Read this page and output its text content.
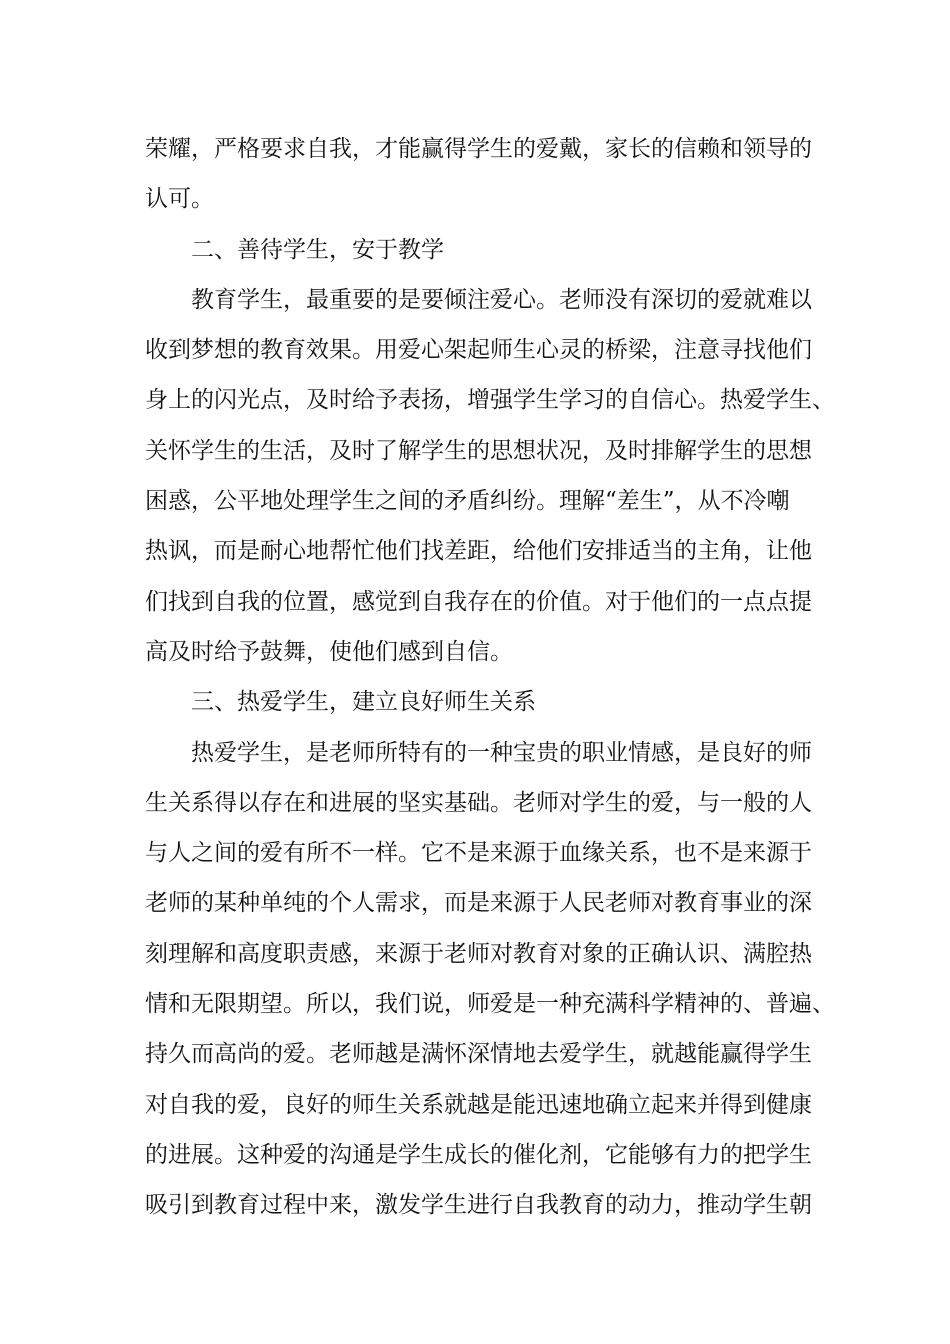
荣耀，严格要求自我，才能赢得学生的爱戴，家长的信赖和领导的
认可。
二、善待学生，安于教学
教育学生，最重要的是要倾注爱心。老师没有深切的爱就难以
收到梦想的教育效果。用爱心架起师生心灵的桥梁，注意寻找他们
身上的闪光点，及时给予表扬，增强学生学习的自信心。热爱学生、
关怀学生的生活，及时了解学生的思想状况，及时排解学生的思想
困惑，公平地处理学生之间的矛盾纠纷。理解“差生”，从不冷嘲
热讽，而是耐心地帮忙他们找差距，给他们安排适当的主角，让他
们找到自我的位置，感觉到自我存在的价值。对于他们的一点点提
高及时给予鼓舞，使他们感到自信。
三、热爱学生，建立良好师生关系
热爱学生，是老师所特有的一种宝贵的职业情感，是良好的师
生关系得以存在和进展的坚实基础。老师对学生的爱，与一般的人
与人之间的爱有所不一样。它不是来源于血缘关系，也不是来源于
老师的某种单纯的个人需求，而是来源于人民老师对教育事业的深
刻理解和高度职责感，来源于老师对教育对象的正确认识、满腔热
情和无限期望。所以，我们说，师爱是一种充满科学精神的、普遍、
持久而高尚的爱。老师越是满怀深情地去爱学生，就越能赢得学生
对自我的爱，良好的师生关系就越是能迅速地确立起来并得到健康
的进展。这种爱的沟通是学生成长的催化剂，它能够有力的把学生
吸引到教育过程中来，激发学生进行自我教育的动力，推动学生朝
